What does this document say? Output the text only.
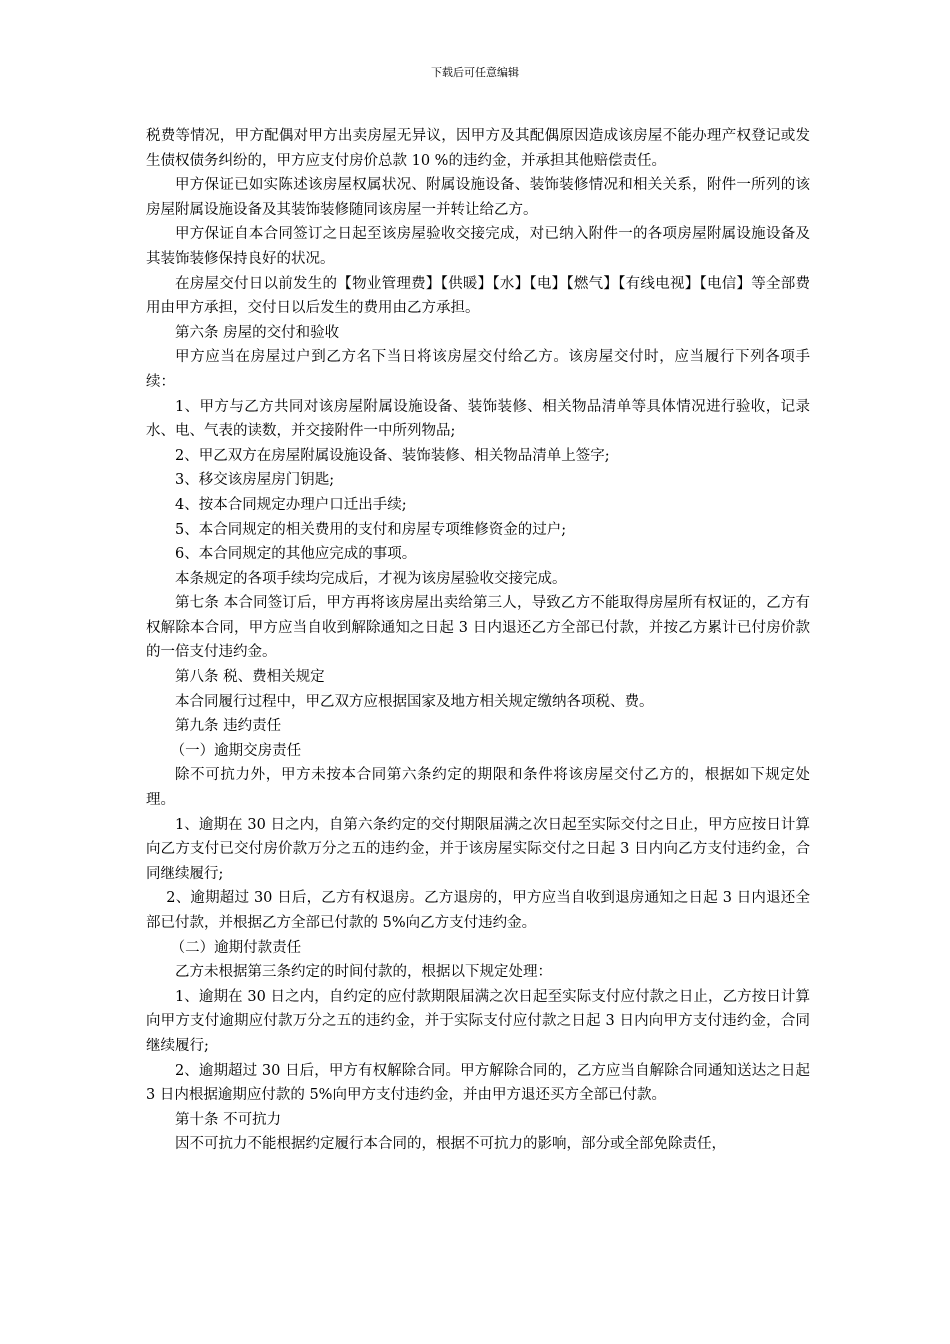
下载后可任意编辑

税费等情况，甲方配偶对甲方出卖房屋无异议，因甲方及其配偶原因造成该房屋不能办理产权登记或发生债权债务纠纷的，甲方应支付房价总款 10 %的违约金，并承担其他赔偿责任。

甲方保证已如实陈述该房屋权属状况、附属设施设备、装饰装修情况和相关关系，附件一所列的该房屋附属设施设备及其装饰装修随同该房屋一并转让给乙方。

甲方保证自本合同签订之日起至该房屋验收交接完成，对已纳入附件一的各项房屋附属设施设备及其装饰装修保持良好的状况。

在房屋交付日以前发生的【物业管理费】【供暖】【水】【电】【燃气】【有线电视】【电信】等全部费用由甲方承担，交付日以后发生的费用由乙方承担。

第六条 房屋的交付和验收

甲方应当在房屋过户到乙方名下当日将该房屋交付给乙方。该房屋交付时，应当履行下列各项手续：

1、甲方与乙方共同对该房屋附属设施设备、装饰装修、相关物品清单等具体情况进行验收，记录水、电、气表的读数，并交接附件一中所列物品;

2、甲乙双方在房屋附属设施设备、装饰装修、相关物品清单上签字;

3、移交该房屋房门钥匙;

4、按本合同规定办理户口迁出手续;

5、本合同规定的相关费用的支付和房屋专项维修资金的过户;

6、本合同规定的其他应完成的事项。

本条规定的各项手续均完成后，才视为该房屋验收交接完成。

第七条 本合同签订后，甲方再将该房屋出卖给第三人，导致乙方不能取得房屋所有权证的，乙方有权解除本合同，甲方应当自收到解除通知之日起 3 日内退还乙方全部已付款，并按乙方累计已付房价款的一倍支付违约金。

第八条 税、费相关规定

本合同履行过程中，甲乙双方应根据国家及地方相关规定缴纳各项税、费。

第九条 违约责任

（一）逾期交房责任

除不可抗力外，甲方未按本合同第六条约定的期限和条件将该房屋交付乙方的，根据如下规定处理。

1、逾期在 30 日之内，自第六条约定的交付期限届满之次日起至实际交付之日止，甲方应按日计算向乙方支付已交付房价款万分之五的违约金，并于该房屋实际交付之日起 3 日内向乙方支付违约金，合同继续履行;

2、逾期超过 30 日后，乙方有权退房。乙方退房的，甲方应当自收到退房通知之日起 3 日内退还全部已付款，并根据乙方全部已付款的 5%向乙方支付违约金。

（二）逾期付款责任

乙方未根据第三条约定的时间付款的，根据以下规定处理：

1、逾期在 30 日之内，自约定的应付款期限届满之次日起至实际支付应付款之日止，乙方按日计算向甲方支付逾期应付款万分之五的违约金，并于实际支付应付款之日起 3 日内向甲方支付违约金，合同继续履行;

2、逾期超过 30 日后，甲方有权解除合同。甲方解除合同的，乙方应当自解除合同通知送达之日起 3 日内根据逾期应付款的 5%向甲方支付违约金，并由甲方退还买方全部已付款。

第十条 不可抗力

因不可抗力不能根据约定履行本合同的，根据不可抗力的影响，部分或全部免除责任，
